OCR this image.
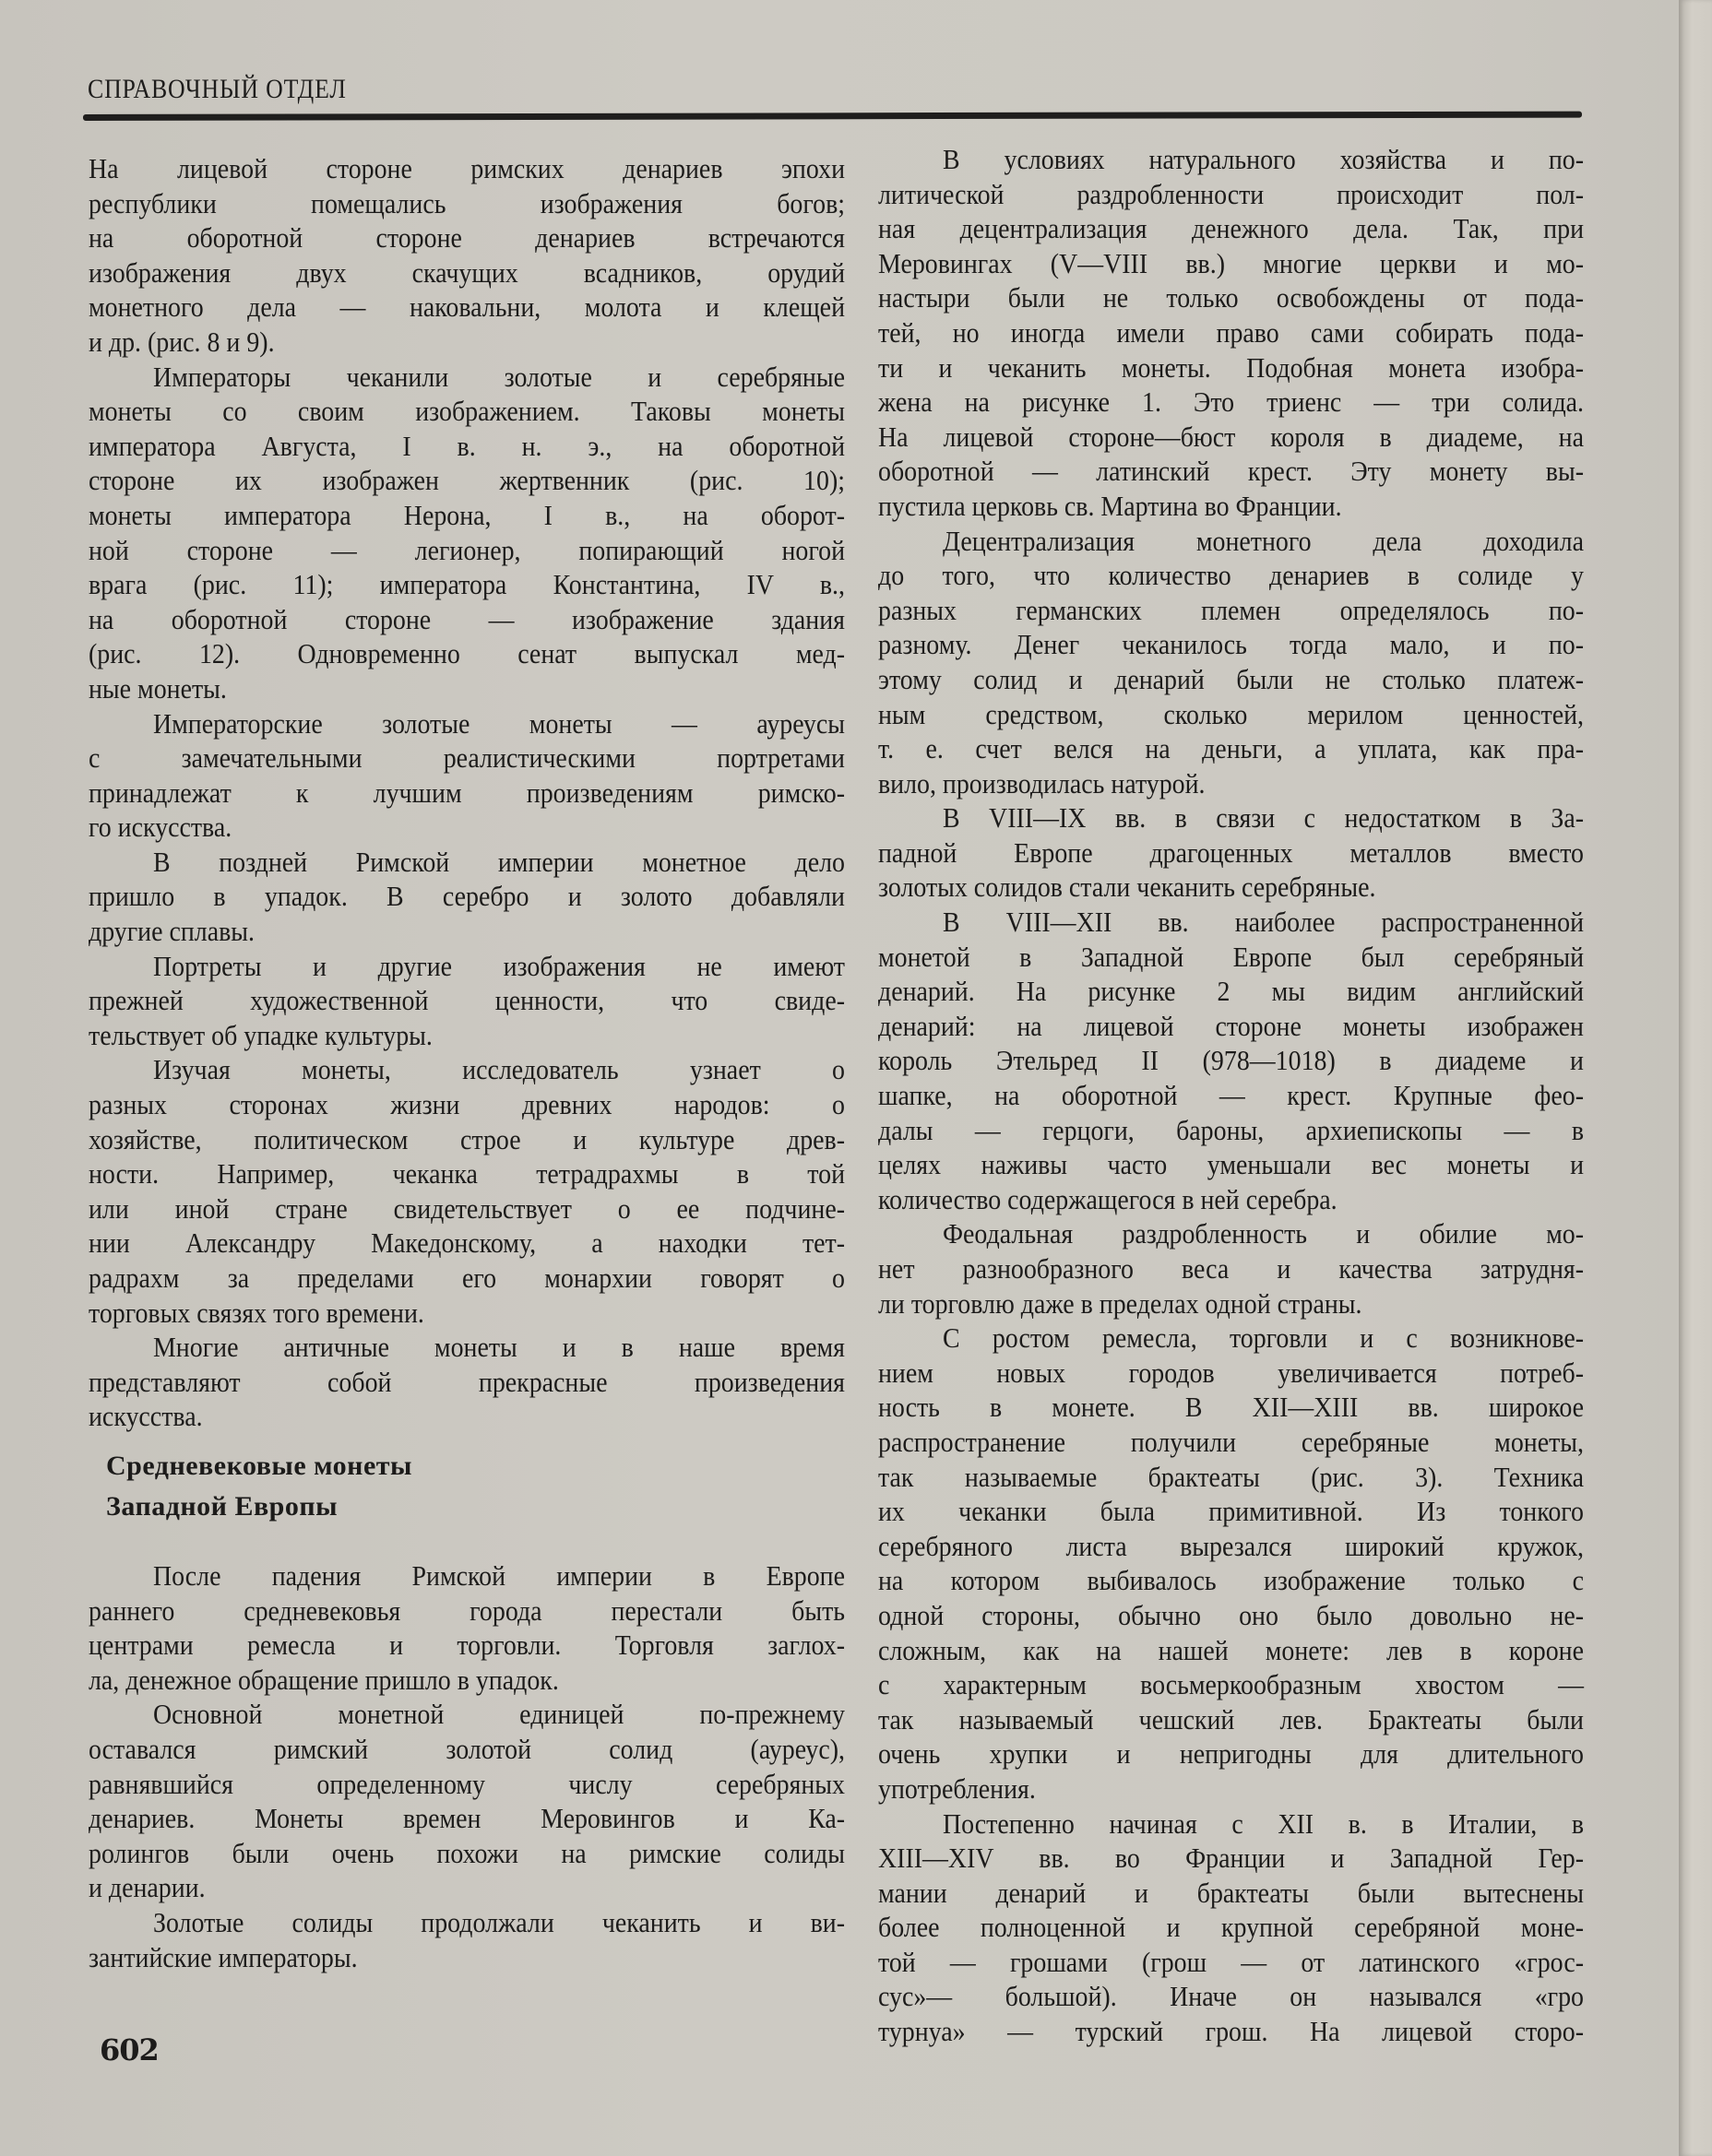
СПРАВОЧНЫЙ ОТДЕЛ

На лицевой стороне римских денариев эпохи
республики помещались изображения богов;
на оборотной стороне денариев встречаются
изображения двух скачущих всадников, орудий
монетного дела — наковальни, молота и клещей
и др. (рис. 8 и 9).

Императоры чеканили золотые и серебряные
монеты со своим изображением. Таковы монеты
императора Августа, I в. н. э., на оборотной
стороне их изображен жертвенник (рис. 10);
монеты императора Нерона, I в., на оборот-
ной стороне — легионер, попирающий ногой
врага (рис. 11); императора Константина, IV в.,
на оборотной стороне — изображение здания
(рис. 12). Одновременно сенат выпускал мед-
ные монеты.

Императорские золотые монеты — ауреусы
с замечательными реалистическими портретами
принадлежат к лучшим произведениям римско-
го искусства.

В поздней Римской империи монетное дело
пришло в упадок. В серебро и золото добавляли
другие сплавы.

Портреты и другие изображения не имеют
прежней художественной ценности, что свиде-
тельствует об упадке культуры.

Изучая монеты, исследователь узнает о
разных сторонах жизни древних народов: о
хозяйстве, политическом строе и культуре древ-
ности. Например, чеканка тетрадрахмы в той
или иной стране свидетельствует о ее подчине-
нии Александру Македонскому, а находки тет-
радрахм за пределами его монархии говорят о
торговых связях того времени.

Многие античные монеты и в наше время
представляют собой прекрасные произведения
искусства.

Средневековые монеты
Западной Европы

После падения Римской империи в Европе
раннего средневековья города перестали быть
центрами ремесла и торговли. Торговля заглох-
ла, денежное обращение пришло в упадок.

Основной монетной единицей по-прежнему
оставался римский золотой солид (ауреус),
равнявшийся определенному числу серебряных
денариев. Монеты времен Меровингов и Ка-
ролингов были очень похожи на римские солиды
и денарии.

Золотые солиды продолжали чеканить и ви-
зантийские императоры.

В условиях натурального хозяйства и по-
литической раздробленности происходит пол-
ная децентрализация денежного дела. Так, при
Меровингах (V—VIII вв.) многие церкви и мо-
настыри были не только освобождены от пода-
тей, но иногда имели право сами собирать пода-
ти и чеканить монеты. Подобная монета изобра-
жена на рисунке 1. Это триенс — три солида.
На лицевой стороне—бюст короля в диадеме, на
оборотной — латинский крест. Эту монету вы-
пустила церковь св. Мартина во Франции.

Децентрализация монетного дела доходила
до того, что количество денариев в солиде у
разных германских племен определялось по-
разному. Денег чеканилось тогда мало, и по-
этому солид и денарий были не столько платеж-
ным средством, сколько мерилом ценностей,
т. е. счет велся на деньги, а уплата, как пра-
вило, производилась натурой.

В VIII—IX вв. в связи с недостатком в За-
падной Европе драгоценных металлов вместо
золотых солидов стали чеканить серебряные.

В VIII—XII вв. наиболее распространенной
монетой в Западной Европе был серебряный
денарий. На рисунке 2 мы видим английский
денарий: на лицевой стороне монеты изображен
король Этельред II (978—1018) в диадеме и
шапке, на оборотной — крест. Крупные фео-
далы — герцоги, бароны, архиепископы — в
целях наживы часто уменьшали вес монеты и
количество содержащегося в ней серебра.

Феодальная раздробленность и обилие мо-
нет разнообразного веса и качества затрудня-
ли торговлю даже в пределах одной страны.

С ростом ремесла, торговли и с возникнове-
нием новых городов увеличивается потреб-
ность в монете. В XII—XIII вв. широкое
распространение получили серебряные монеты,
так называемые брактеаты (рис. 3). Техника
их чеканки была примитивной. Из тонкого
серебряного листа вырезался широкий кружок,
на котором выбивалось изображение только с
одной стороны, обычно оно было довольно не-
сложным, как на нашей монете: лев в короне
с характерным восьмеркообразным хвостом —
так называемый чешский лев. Брактеаты были
очень хрупки и непригодны для длительного
употребления.

Постепенно начиная с XII в. в Италии, в
XIII—XIV вв. во Франции и Западной Гер-
мании денарий и брактеаты были вытеснены
более полноценной и крупной серебряной моне-
той — грошами (грош — от латинского «грос-
сус»— большой). Иначе он назывался «гро
турнуа» — турский грош. На лицевой сторо-

602
